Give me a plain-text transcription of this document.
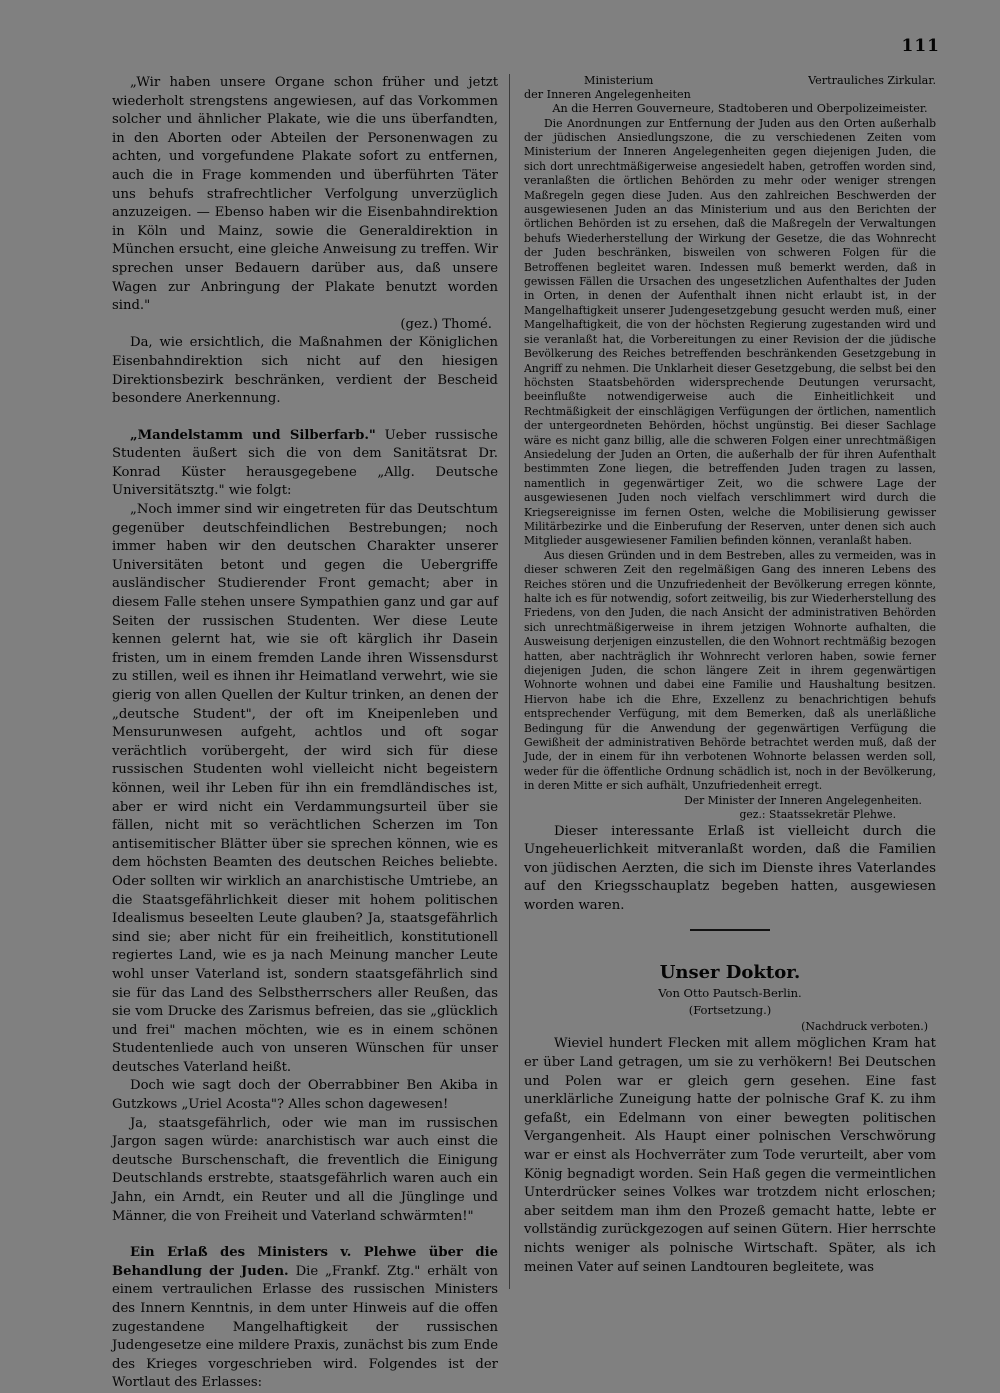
111

„Wir haben unsere Organe schon früher und jetzt wiederholt strengstens angewiesen, auf das Vorkommen solcher und ähnlicher Plakate, wie die uns überfandten, in den Aborten oder Abteilen der Personenwagen zu achten, und vorgefundene Plakate sofort zu entfernen, auch die in Frage kommenden und überführten Täter uns behufs strafrechtlicher Verfolgung unverzüglich anzuzeigen. — Ebenso haben wir die Eisenbahndirektion in Köln und Mainz, sowie die Generaldirektion in München ersucht, eine gleiche Anweisung zu treffen. Wir sprechen unser Bedauern darüber aus, daß unsere Wagen zur Anbringung der Plakate benutzt worden sind."

(gez.) Thomé.

Da, wie ersichtlich, die Maßnahmen der Königlichen Eisenbahndirektion sich nicht auf den hiesigen Direktionsbezirk beschränken, verdient der Bescheid besondere Anerkennung.

„Mandelstamm und Silberfarb." Ueber russische Studenten äußert sich die von dem Sanitätsrat Dr. Konrad Küster herausgegebene „Allg. Deutsche Universitätsztg." wie folgt:

„Noch immer sind wir eingetreten für das Deutschtum gegenüber deutschfeindlichen Bestrebungen; noch immer haben wir den deutschen Charakter unserer Universitäten betont und gegen die Uebergriffe ausländischer Studierender Front gemacht; aber in diesem Falle stehen unsere Sympathien ganz und gar auf Seiten der russischen Studenten. Wer diese Leute kennen gelernt hat, wie sie oft kärglich ihr Dasein fristen, um in einem fremden Lande ihren Wissensdurst zu stillen, weil es ihnen ihr Heimatland verwehrt, wie sie gierig von allen Quellen der Kultur trinken, an denen der „deutsche Student", der oft im Kneipenleben und Mensurunwesen aufgeht, achtlos und oft sogar verächtlich vorübergeht, der wird sich für diese russischen Studenten wohl vielleicht nicht begeistern können, weil ihr Leben für ihn ein fremdländisches ist, aber er wird nicht ein Verdammungsurteil über sie fällen, nicht mit so verächtlichen Scherzen im Ton antisemitischer Blätter über sie sprechen können, wie es dem höchsten Beamten des deutschen Reiches beliebte. Oder sollten wir wirklich an anarchistische Umtriebe, an die Staatsgefährlichkeit dieser mit hohem politischen Idealismus beseelten Leute glauben? Ja, staatsgefährlich sind sie; aber nicht für ein freiheitlich, konstitutionell regiertes Land, wie es ja nach Meinung mancher Leute wohl unser Vaterland ist, sondern staatsgefährlich sind sie für das Land des Selbstherrschers aller Reußen, das sie vom Drucke des Zarismus befreien, das sie „glücklich und frei" machen möchten, wie es in einem schönen Studentenliede auch von unseren Wünschen für unser deutsches Vaterland heißt.

Doch wie sagt doch der Oberrabbiner Ben Akiba in Gutzkows „Uriel Acosta"? Alles schon dagewesen!

Ja, staatsgefährlich, oder wie man im russischen Jargon sagen würde: anarchistisch war auch einst die deutsche Burschenschaft, die freventlich die Einigung Deutschlands erstrebte, staatsgefährlich waren auch ein Jahn, ein Arndt, ein Reuter und all die Jünglinge und Männer, die von Freiheit und Vaterland schwärmten!"

Ein Erlaß des Ministers v. Plehwe über die Behandlung der Juden. Die „Frankf. Ztg." erhält von einem vertraulichen Erlasse des russischen Ministers des Innern Kenntnis, in dem unter Hinweis auf die offen zugestandene Mangelhaftigkeit der russischen Judengesetze eine mildere Praxis, zunächst bis zum Ende des Krieges vorgeschrieben wird. Folgendes ist der Wortlaut des Erlasses:

Ministerium	Vertrauliches Zirkular.
der Inneren Angelegenheiten
An die Herren Gouverneure, Stadtoberen und Oberpolizeimeister.

Die Anordnungen zur Entfernung der Juden aus den Orten außerhalb der jüdischen Ansiedlungszone, die zu verschiedenen Zeiten vom Ministerium der Inneren Angelegenheiten gegen diejenigen Juden, die sich dort unrechtmäßigerweise angesiedelt haben, getroffen worden sind, veranlaßten die örtlichen Behörden zu mehr oder weniger strengen Maßregeln gegen diese Juden. Aus den zahlreichen Beschwerden der ausgewiesenen Juden an das Ministerium und aus den Berichten der örtlichen Behörden ist zu ersehen, daß die Maßregeln der Verwaltungen behufs Wiederherstellung der Wirkung der Gesetze, die das Wohnrecht der Juden beschränken, bisweilen von schweren Folgen für die Betroffenen begleitet waren. Indessen muß bemerkt werden, daß in gewissen Fällen die Ursachen des ungesetzlichen Aufenthaltes der Juden in Orten, in denen der Aufenthalt ihnen nicht erlaubt ist, in der Mangelhaftigkeit unserer Judengesetzgebung gesucht werden muß, einer Mangelhaftigkeit, die von der höchsten Regierung zugestanden wird und sie veranlaßt hat, die Vorbereitungen zu einer Revision der die jüdische Bevölkerung des Reiches betreffenden beschränkenden Gesetzgebung in Angriff zu nehmen. Die Unklarheit dieser Gesetzgebung, die selbst bei den höchsten Staatsbehörden widersprechende Deutungen verursacht, beeinflußte notwendigerweise auch die Einheitlichkeit und Rechtmäßigkeit der einschlägigen Verfügungen der örtlichen, namentlich der untergeordneten Behörden, höchst ungünstig. Bei dieser Sachlage wäre es nicht ganz billig, alle die schweren Folgen einer unrechtmäßigen Ansiedelung der Juden an Orten, die außerhalb der für ihren Aufenthalt bestimmten Zone liegen, die betreffenden Juden tragen zu lassen, namentlich in gegenwärtiger Zeit, wo die schwere Lage der ausgewiesenen Juden noch vielfach verschlimmert wird durch die Kriegsereignisse im fernen Osten, welche die Mobilisierung gewisser Militärbezirke und die Einberufung der Reserven, unter denen sich auch Mitglieder ausgewiesener Familien befinden können, veranlaßt haben.

Aus diesen Gründen und in dem Bestreben, alles zu vermeiden, was in dieser schweren Zeit den regelmäßigen Gang des inneren Lebens des Reiches stören und die Unzufriedenheit der Bevölkerung erregen könnte, halte ich es für notwendig, sofort zeitweilig, bis zur Wiederherstellung des Friedens, von den Juden, die nach Ansicht der administrativen Behörden sich unrechtmäßigerweise in ihrem jetzigen Wohnorte aufhalten, die Ausweisung derjenigen einzustellen, die den Wohnort rechtmäßig bezogen hatten, aber nachträglich ihr Wohnrecht verloren haben, sowie ferner diejenigen Juden, die schon längere Zeit in ihrem gegenwärtigen Wohnorte wohnen und dabei eine Familie und Haushaltung besitzen. Hiervon habe ich die Ehre, Exzellenz zu benachrichtigen behufs entsprechender Verfügung, mit dem Bemerken, daß als unerläßliche Bedingung für die Anwendung der gegenwärtigen Verfügung die Gewißheit der administrativen Behörde betrachtet werden muß, daß der Jude, der in einem für ihn verbotenen Wohnorte belassen werden soll, weder für die öffentliche Ordnung schädlich ist, noch in der Bevölkerung, in deren Mitte er sich aufhält, Unzufriedenheit erregt.

Der Minister der Inneren Angelegenheiten.
gez.: Staatssekretär Plehwe.

Dieser interessante Erlaß ist vielleicht durch die Ungeheuerlichkeit mitveranlaßt worden, daß die Familien von jüdischen Aerzten, die sich im Dienste ihres Vaterlandes auf den Kriegsschauplatz begeben hatten, ausgewiesen worden waren.

Unser Doktor.
Von Otto Pautsch-Berlin.
(Fortsetzung.)
(Nachdruck verboten.)

Wieviel hundert Flecken mit allem möglichen Kram hat er über Land getragen, um sie zu verhökern! Bei Deutschen und Polen war er gleich gern gesehen. Eine fast unerklärliche Zuneigung hatte der polnische Graf K. zu ihm gefaßt, ein Edelmann von einer bewegten politischen Vergangenheit. Als Haupt einer polnischen Verschwörung war er einst als Hochverräter zum Tode verurteilt, aber vom König begnadigt worden. Sein Haß gegen die vermeintlichen Unterdrücker seines Volkes war trotzdem nicht erloschen; aber seitdem man ihm den Prozeß gemacht hatte, lebte er vollständig zurückgezogen auf seinen Gütern. Hier herrschte nichts weniger als polnische Wirtschaft. Später, als ich meinen Vater auf seinen Landtouren begleitete, was
